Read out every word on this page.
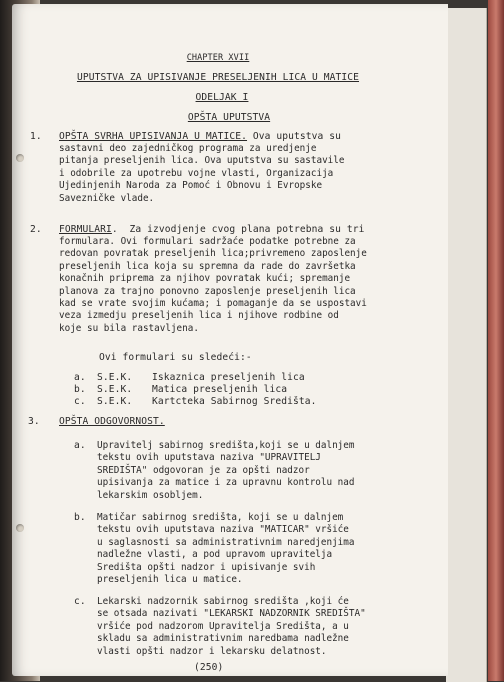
CHAPTER XVII
UPUTSTVA ZA UPISIVANJE PRESELJENIH LICA U MATICE
ODELJAK I
OPŠTA UPUTSTVA
1. OPŠTA SVRHA UPISIVANJA U MATICE. Ova uputstva su
sastavni deo zajedničkog programa za uredjenje
pitanja preseljenih lica. Ova uputstva su sastavile
i odobrile za upotrebu vojne vlasti, Organizacija
Ujedinjenih Naroda za Pomoć i Obnovu i Evropske
Savezničke vlade.
2. FORMULARI.  Za izvodjenje cvog plana potrebna su tri
formulara. Ovi formulari sadržaće podatke potrebne za
redovan povratak preseljenih lica;privremeno zaposlenje
preseljenih lica koja su spremna da rade do završetka
konačnih priprema za njihov povratak kući; spremanje
planova za trajno ponovno zaposlenje preseljenih lica
kad se vrate svojim kućama; i pomaganje da se uspostavi
veza izmedju preseljenih lica i njihove rodbine od
koje su bila rastavljena.
Ovi formulari su sledeći:-
a. S.E.K. Iskaznica preseljenih lica
b. S.E.K. Matica preseljenih lica
c. S.E.K. Kartcteka Sabirnog Središta.
3. OPŠTA ODGOVORNOST.
a. Upravitelj sabirnog središta,koji se u dalnjem
tekstu ovih uputstava naziva "UPRAVITELJ
SREDIŠTA" odgovoran je za opšti nadzor
upisivanja za matice i za upravnu kontrolu nad
lekarskim osobljem.
b. Matičar sabirnog središta, koji se u dalnjem
tekstu ovih uputstava naziva "MATICAR" vršiće
u saglasnosti sa administrativnim naredjenjima
nadležne vlasti, a pod upravom upravitelja
Središta opšti nadzor i upisivanje svih
preseljenih lica u matice.
c. Lekarski nadzornik sabirnog središta ,koji će
se otsada nazivati "LEKARSKI NADZORNIK SREDIŠTA"
vršiće pod nadzorom Upravitelja Središta, a u
skladu sa administrativnim naredbama nadležne
vlasti opšti nadzor i lekarsku delatnost.
(250)
